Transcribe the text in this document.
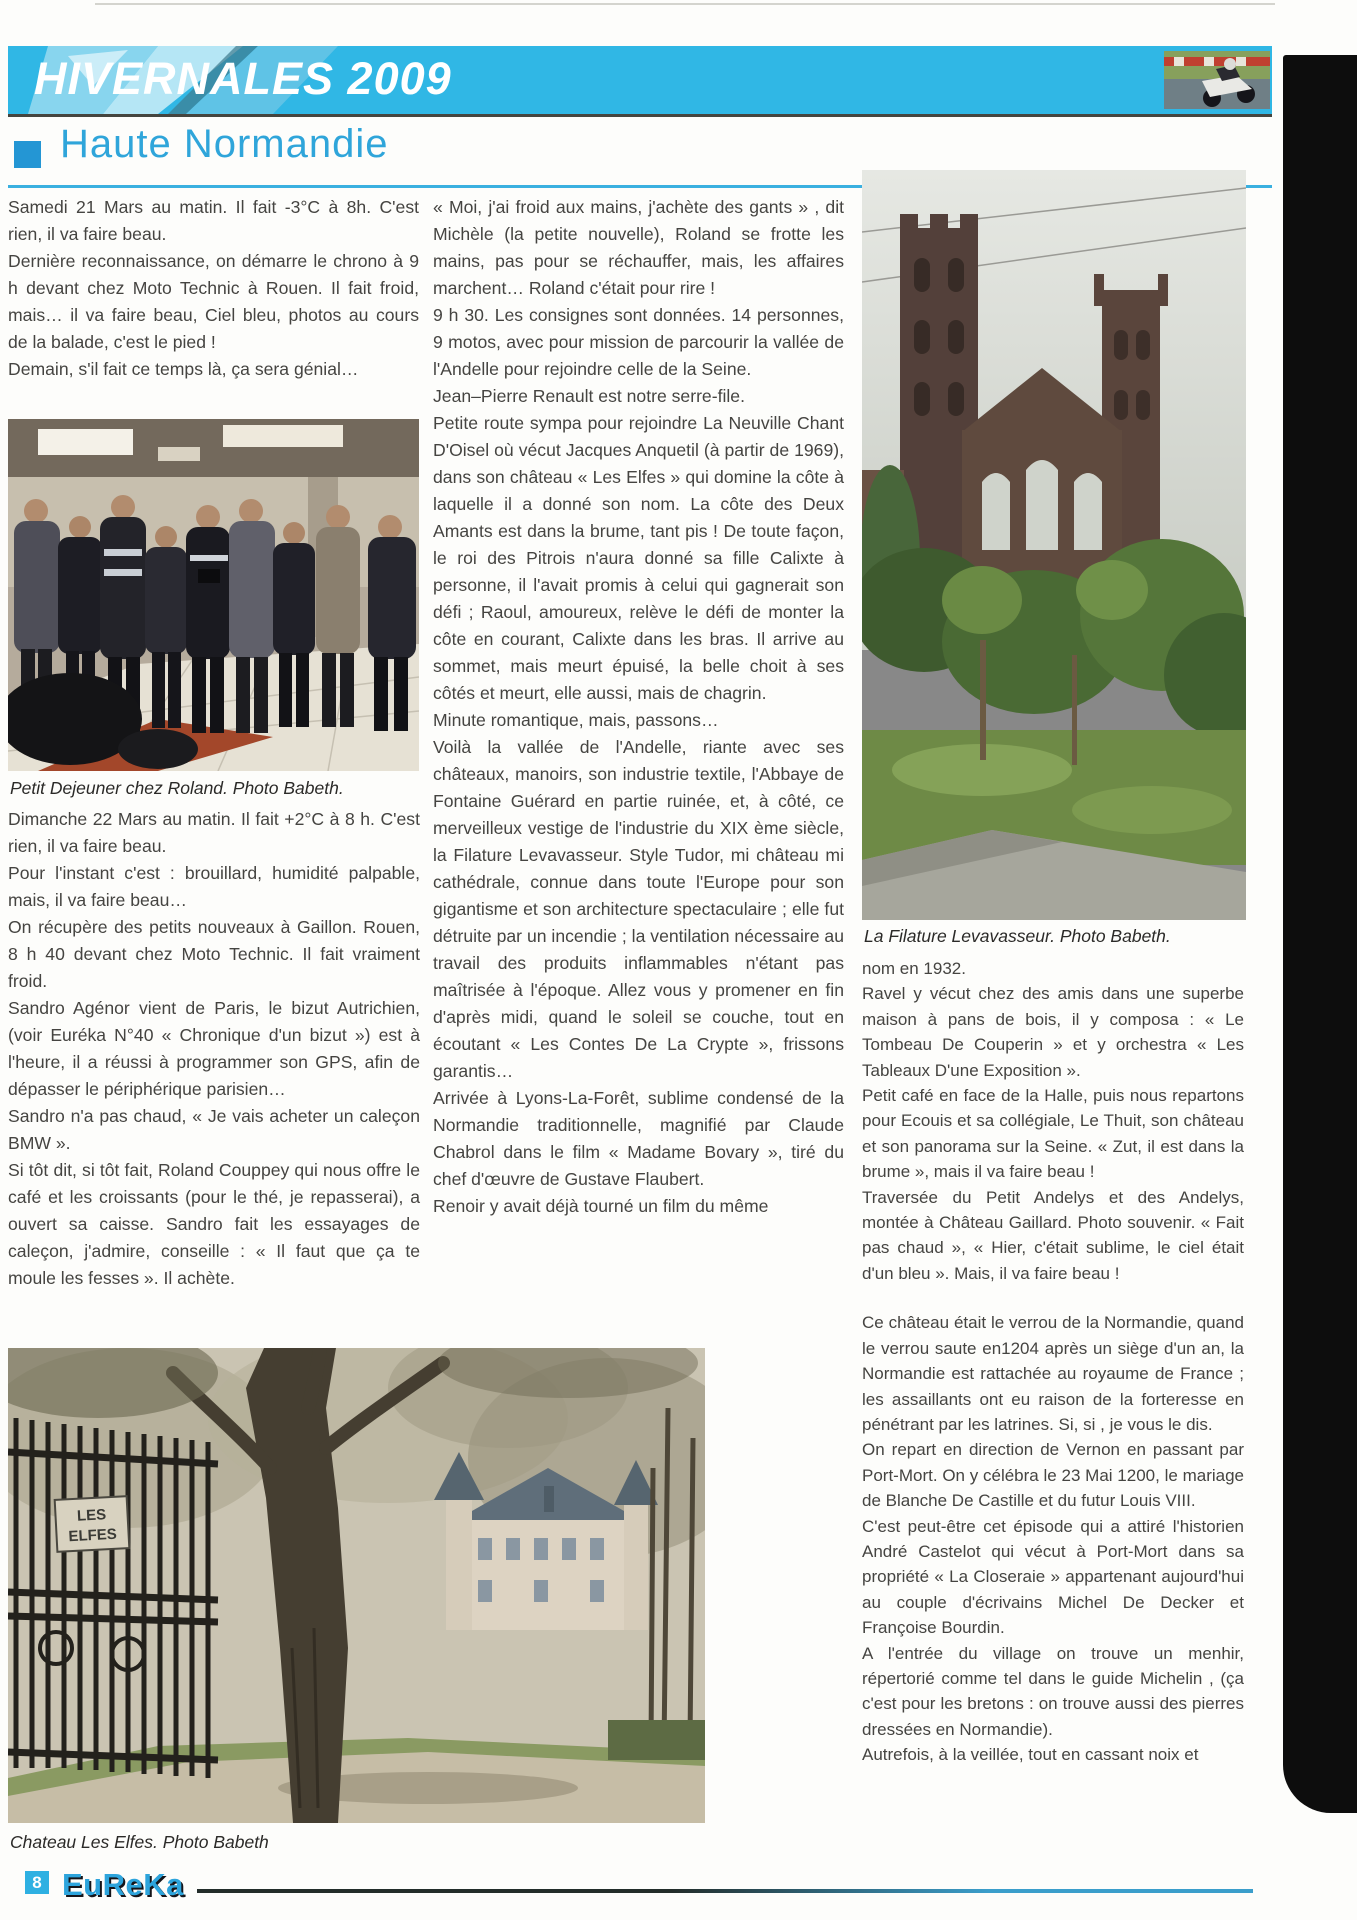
HIVERNALES 2009
Haute Normandie

Samedi 21 Mars au matin. Il fait -3°C à 8h. C'est rien, il va faire beau.

Dernière reconnaissance, on démarre le chrono à 9 h devant chez Moto Technic à Rouen. Il fait froid, mais… il va faire beau, Ciel bleu, photos au cours de la balade, c'est le pied !

Demain, s'il fait ce temps là, ça sera génial…

Petit Dejeuner chez Roland. Photo Babeth.

Dimanche 22 Mars au matin. Il fait +2°C à 8 h. C'est rien, il va faire beau.

Pour l'instant c'est : brouillard, humidité palpable, mais, il va faire beau…

On récupère des petits nouveaux à Gaillon. Rouen, 8 h 40 devant chez Moto Technic. Il fait vraiment froid.

Sandro Agénor vient de Paris, le bizut Autrichien, (voir Euréka N°40 « Chronique d'un bizut ») est à l'heure, il a réussi à programmer son GPS, afin de dépasser le périphérique parisien…

Sandro n'a pas chaud, « Je vais acheter un caleçon BMW ».

Si tôt dit, si tôt fait, Roland Couppey qui nous offre le café et les croissants (pour le thé, je repasserai), a ouvert sa caisse. Sandro fait les essayages de caleçon, j'admire, conseille : « Il faut que ça te moule les fesses ». Il achète.

« Moi, j'ai froid aux mains, j'achète des gants » , dit Michèle (la petite nouvelle), Roland se frotte les mains, pas pour se réchauffer, mais, les affaires marchent… Roland c'était pour rire !

9 h 30. Les consignes sont données. 14 personnes, 9 motos, avec pour mission de parcourir la vallée de l'Andelle pour rejoindre celle de la Seine.

Jean–Pierre Renault est notre serre-file.

Petite route sympa pour rejoindre La Neuville Chant D'Oisel où vécut Jacques Anquetil (à partir de 1969), dans son château « Les Elfes » qui domine la côte à laquelle il a donné son nom. La côte des Deux Amants est dans la brume, tant pis ! De toute façon, le roi des Pitrois n'aura donné sa fille Calixte à personne, il l'avait promis à celui qui gagnerait son défi ; Raoul, amoureux, relève le défi de monter la côte en courant, Calixte dans les bras. Il arrive au sommet, mais meurt épuisé, la belle choit à ses côtés et meurt, elle aussi, mais de chagrin.

Minute romantique, mais, passons…

Voilà la vallée de l'Andelle, riante avec ses châteaux, manoirs, son industrie textile, l'Abbaye de Fontaine Guérard en partie ruinée, et, à côté, ce merveilleux vestige de l'industrie du XIX ème siècle, la Filature Levavasseur. Style Tudor, mi château mi cathédrale, connue dans toute l'Europe pour son gigantisme et son architecture spectaculaire ; elle fut détruite par un incendie ; la ventilation nécessaire au travail des produits inflammables n'étant pas maîtrisée à l'époque. Allez vous y promener en fin d'après midi, quand le soleil se couche, tout en écoutant « Les Contes De La Crypte », frissons garantis…

Arrivée à Lyons-La-Forêt, sublime condensé de la Normandie traditionnelle, magnifié par Claude Chabrol dans le film « Madame Bovary », tiré du chef d'œuvre de Gustave Flaubert.

Renoir y avait déjà tourné un film du même

La Filature Levavasseur. Photo Babeth.

nom en 1932.

Ravel y vécut chez des amis dans une superbe maison à pans de bois, il y composa : « Le Tombeau De Couperin » et y orchestra « Les Tableaux D'une Exposition ».

Petit café en face de la Halle, puis nous repartons pour Ecouis et sa collégiale, Le Thuit, son château et son panorama sur la Seine. « Zut, il est dans la brume », mais il va faire beau !

Traversée du Petit Andelys et des Andelys, montée à Château Gaillard. Photo souvenir. « Fait pas chaud », « Hier, c'était sublime, le ciel était d'un bleu ». Mais, il va faire beau !

Ce château était le verrou de la Normandie, quand le verrou saute en1204 après un siège d'un an, la Normandie est rattachée au royaume de France ; les assaillants ont eu raison de la forteresse en pénétrant par les latrines. Si, si , je vous le dis.

On repart en direction de Vernon en passant par Port-Mort. On y célébra le 23 Mai 1200, le mariage de Blanche De Castille et du futur Louis VIII.

C'est peut-être cet épisode qui a attiré l'historien André Castelot qui vécut à Port-Mort dans sa propriété « La Closeraie » appartenant aujourd'hui au couple d'écrivains Michel De Decker et Françoise Bourdin.

A l'entrée du village on trouve un menhir, répertorié comme tel dans le guide Michelin , (ça c'est pour les bretons : on trouve aussi des pierres dressées en Normandie).

Autrefois, à la veillée, tout en cassant noix et

LES
ELFES
Chateau Les Elfes. Photo Babeth
8 EuReKa
